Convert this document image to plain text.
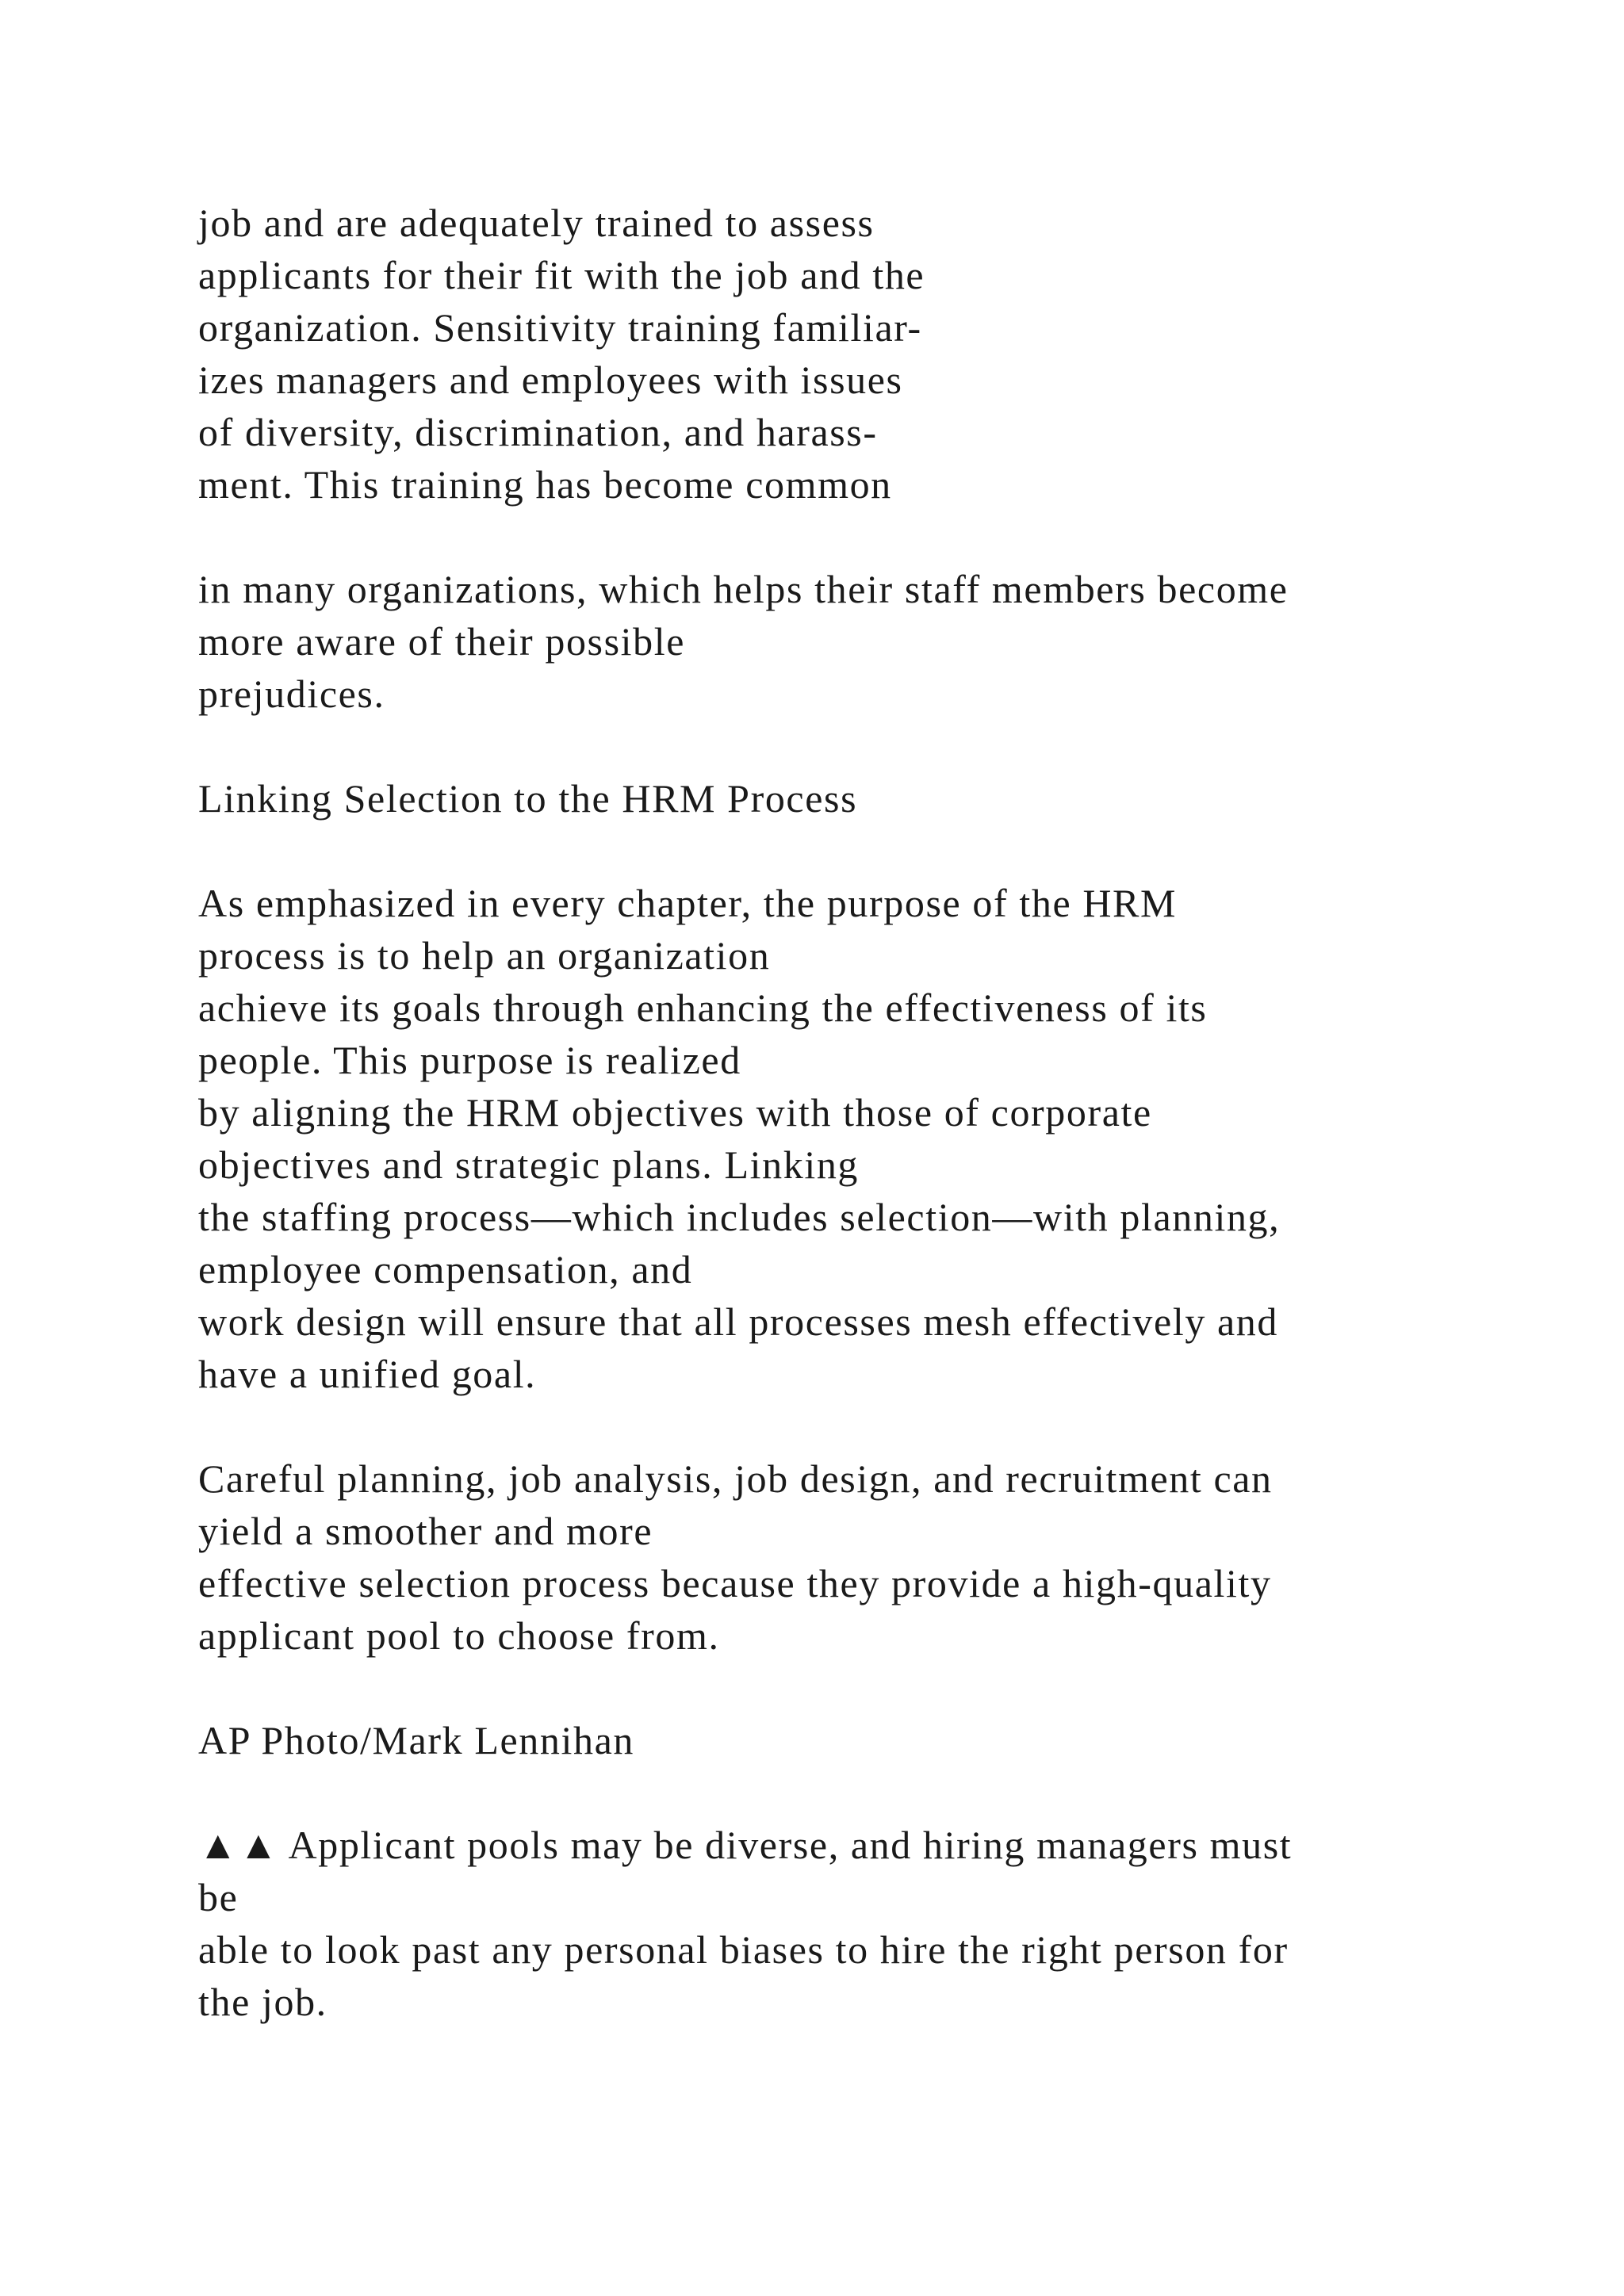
job and are adequately trained to assess
applicants for their fit with the job and the
organization. Sensitivity training familiar-
izes managers and employees with issues
of diversity, discrimination, and harass-
ment. This training has become common
in many organizations, which helps their staff members become
more aware of their possible
prejudices.
Linking Selection to the HRM Process
As emphasized in every chapter, the purpose of the HRM
process is to help an organization
achieve its goals through enhancing the effectiveness of its
people. This purpose is realized
by aligning the HRM objectives with those of corporate
objectives and strategic plans. Linking
the staffing process—which includes selection—with planning,
employee compensation, and
work design will ensure that all processes mesh effectively and
have a unified goal.
Careful planning, job analysis, job design, and recruitment can
yield a smoother and more
effective selection process because they provide a high-quality
applicant pool to choose from.
AP Photo/Mark Lennihan
▲▲ Applicant pools may be diverse, and hiring managers must
be
able to look past any personal biases to hire the right person for
the job.
